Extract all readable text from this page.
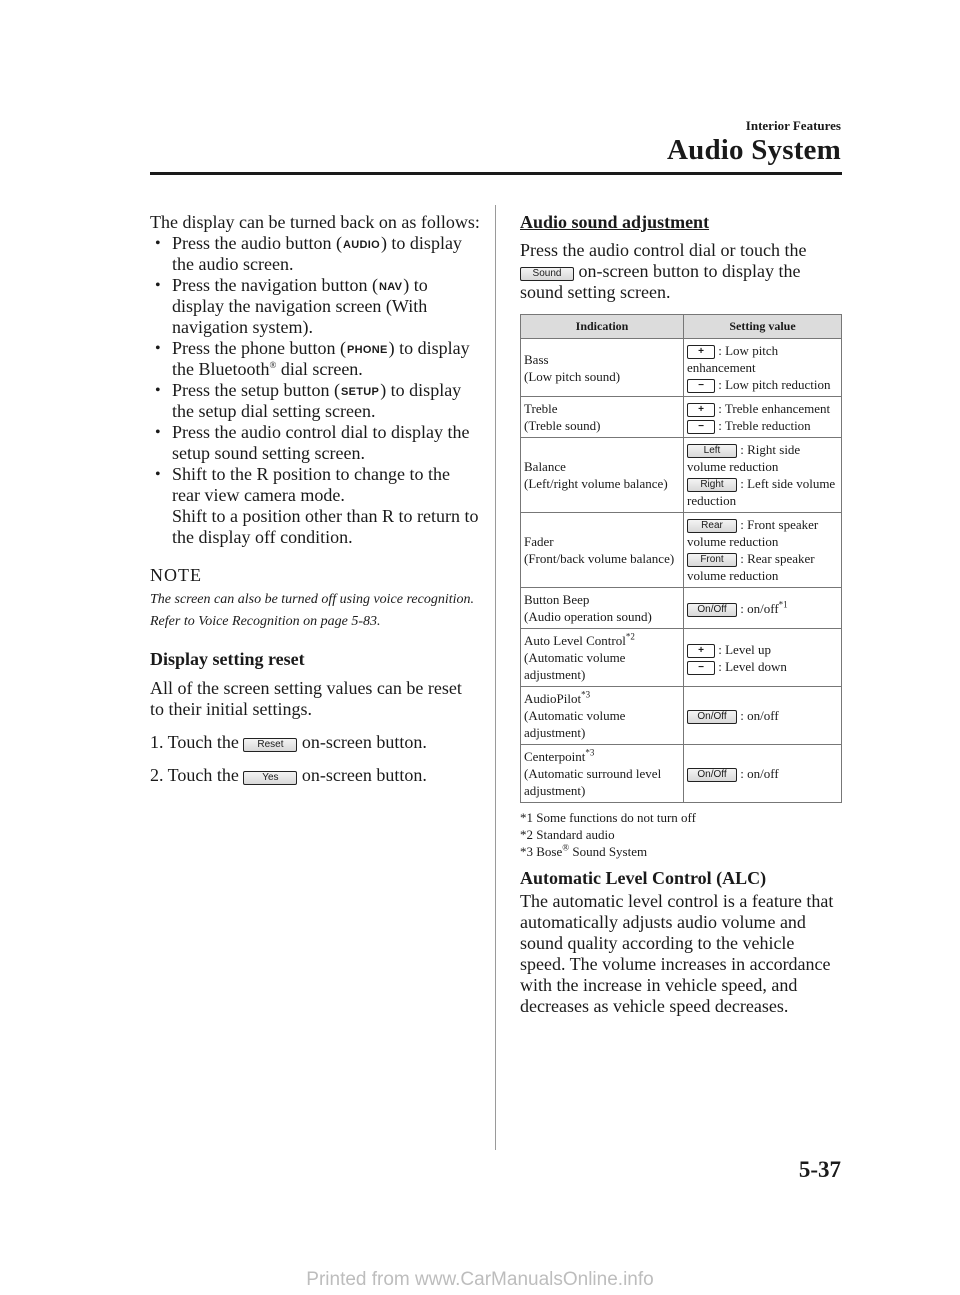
Interior Features
Audio System

The display can be turned back on as follows:

• Press the audio button (AUDIO) to display the audio screen.
• Press the navigation button (NAV) to display the navigation screen (With navigation system).
• Press the phone button (PHONE) to display the Bluetooth® dial screen.
• Press the setup button (SETUP) to display the setup dial setting screen.
• Press the audio control dial to display the setup sound setting screen.
• Shift to the R position to change to the rear view camera mode.
Shift to a position other than R to return to the display off condition.
NOTE
The screen can also be turned off using voice recognition.
Refer to Voice Recognition on page 5-83.
Display setting reset

All of the screen setting values can be reset to their initial settings.

1. Touch the Reset on-screen button.

2. Touch the Yes on-screen button.

Audio sound adjustment

Press the audio control dial or touch the
Sound on-screen button to display the sound setting screen.

Indication	Setting value
Bass
(Low pitch sound)	+ : Low pitch enhancement
− : Low pitch reduction
Treble
(Treble sound)	+ : Treble enhancement
− : Treble reduction
Balance
(Left/right volume balance)	Left : Right side volume reduction
Right : Left side volume reduction
Fader
(Front/back volume balance)	Rear : Front speaker volume reduction
Front : Rear speaker volume reduction
Button Beep
(Audio operation sound)	On/Off : on/off$^{*1}$
Auto Level Control$^{*2}$
(Automatic volume adjustment)	+ : Level up
− : Level down
AudioPilot$^{*3}$
(Automatic volume adjustment)	On/Off : on/off
Centerpoint$^{*3}$
(Automatic surround level adjustment)	On/Off : on/off
*1 Some functions do not turn off
*2 Standard audio
*3 Bose® Sound System
Automatic Level Control (ALC)

The automatic level control is a feature that automatically adjusts audio volume and sound quality according to the vehicle speed. The volume increases in accordance with the increase in vehicle speed, and decreases as vehicle speed decreases.

5-37
Printed from www.CarManualsOnline.info
